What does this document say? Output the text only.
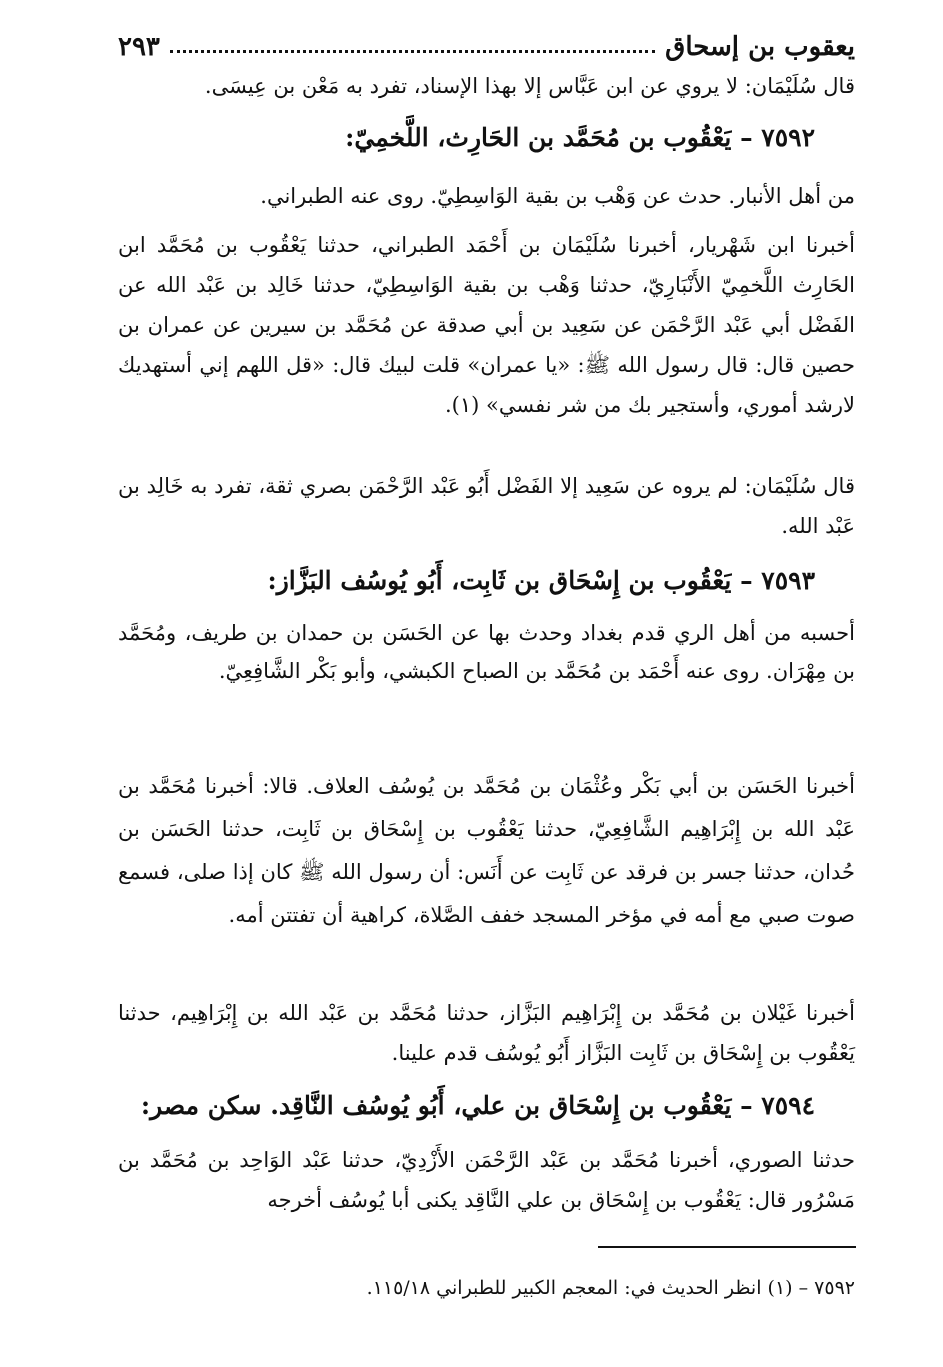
يعقوب بن إسحاق
٢٩٣

قال سُلَيْمَان: لا يروي عن ابن عَبَّاس إلا بهذا الإسناد، تفرد به مَعْن بن عِيسَى.

٧٥٩٢ – يَعْقُوب بن مُحَمَّد بن الحَارِث، اللَّخمِيّ:

من أهل الأنبار. حدث عن وَهْب بن بقية الوَاسِطِيّ. روى عنه الطبراني.

أخبرنا ابن شَهْريار، أخبرنا سُلَيْمَان بن أَحْمَد الطبراني، حدثنا يَعْقُوب بن مُحَمَّد ابن الحَارِث اللَّخمِيّ الأَنْبَارِيّ، حدثنا وَهْب بن بقية الوَاسِطِيّ، حدثنا خَالِد بن عَبْد الله عن الفَضْل أبي عَبْد الرَّحْمَن عن سَعِيد بن أبي صدقة عن مُحَمَّد بن سيرين عن عمران بن حصين قال: قال رسول الله ﷺ: «يا عمران» قلت لبيك قال: «قل اللهم إني أستهديك لارشد أموري، وأستجير بك من شر نفسي» (١).

قال سُلَيْمَان: لم يروه عن سَعِيد إلا الفَضْل أَبُو عَبْد الرَّحْمَن بصري ثقة، تفرد به خَالِد بن عَبْد الله.

٧٥٩٣ – يَعْقُوب بن إِسْحَاق بن ثَابِت، أَبُو يُوسُف البَزَّاز:

أحسبه من أهل الري قدم بغداد وحدث بها عن الحَسَن بن حمدان بن طريف، ومُحَمَّد بن مِهْرَان. روى عنه أَحْمَد بن مُحَمَّد بن الصباح الكبشي، وأبو بَكْر الشَّافِعِيّ.

أخبرنا الحَسَن بن أبي بَكْر وعُثْمَان بن مُحَمَّد بن يُوسُف العلاف. قالا: أخبرنا مُحَمَّد بن عَبْد الله بن إِبْرَاهِيم الشَّافِعِيّ، حدثنا يَعْقُوب بن إِسْحَاق بن ثَابِت، حدثنا الحَسَن بن حُدان، حدثنا جسر بن فرقد عن ثَابِت عن أَنَس: أن رسول الله ﷺ كان إذا صلى، فسمع صوت صبي مع أمه في مؤخر المسجد خفف الصَّلاة، كراهية أن تفتتن أمه.

أخبرنا غَيْلان بن مُحَمَّد بن إِبْرَاهِيم البَزَّاز، حدثنا مُحَمَّد بن عَبْد الله بن إِبْرَاهِيم، حدثنا يَعْقُوب بن إِسْحَاق بن ثَابِت البَزَّاز أَبُو يُوسُف قدم علينا.

٧٥٩٤ – يَعْقُوب بن إِسْحَاق بن علي، أَبُو يُوسُف النَّاقِد. سكن مصر:

حدثنا الصوري، أخبرنا مُحَمَّد بن عَبْد الرَّحْمَن الأَزْدِيّ، حدثنا عَبْد الوَاحِد بن مُحَمَّد بن مَسْرُور قال: يَعْقُوب بن إِسْحَاق بن علي النَّاقِد يكنى أبا يُوسُف أخرجه

٧٥٩٢ – (١) انظر الحديث في: المعجم الكبير للطبراني ١١٥/١٨.
